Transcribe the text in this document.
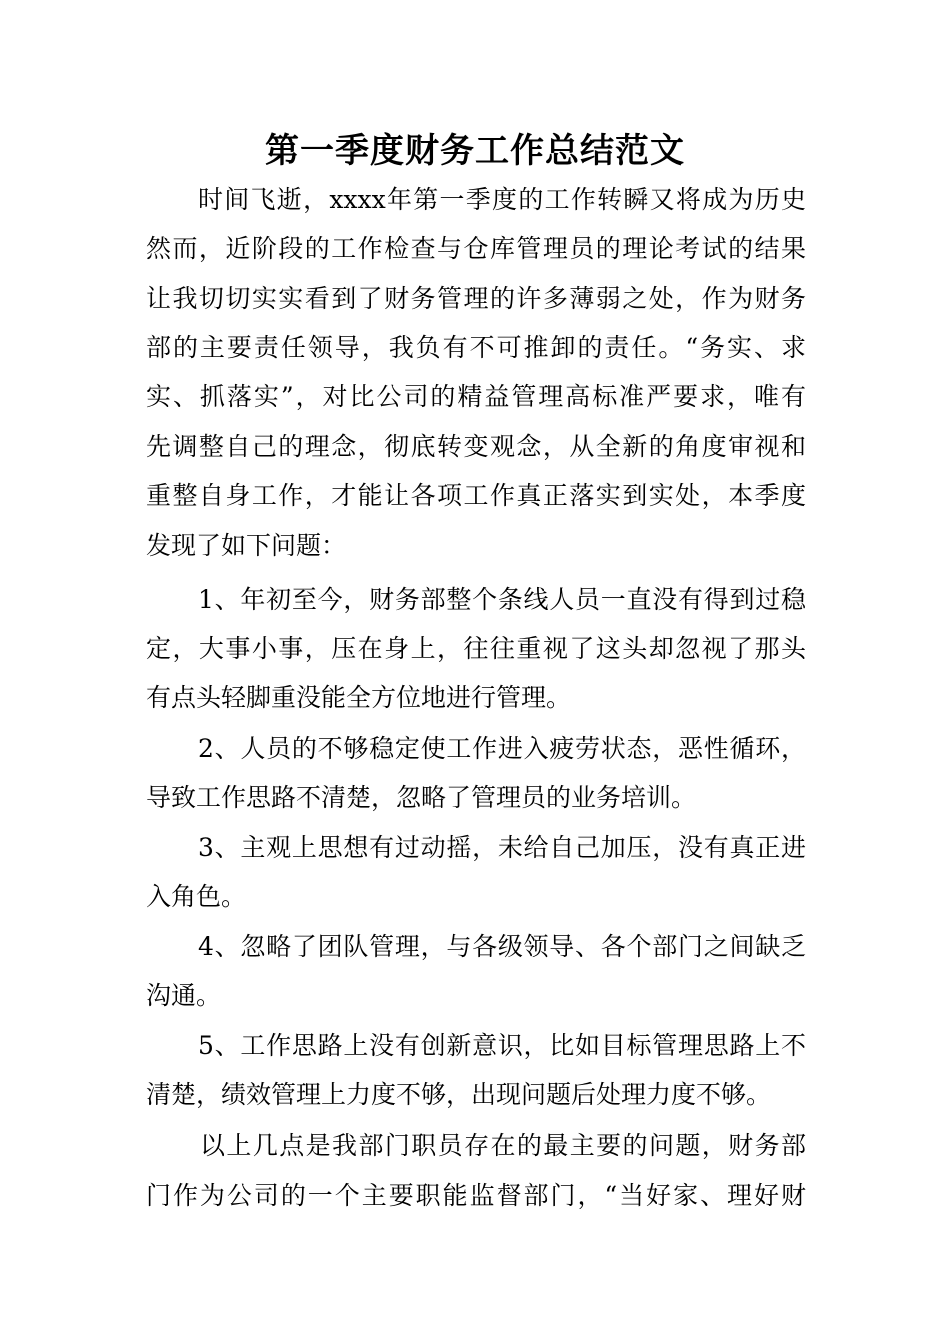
第一季度财务工作总结范文

时间飞逝，xxxx年第一季度的工作转瞬又将成为历史

然而，近阶段的工作检查与仓库管理员的理论考试的结果

让我切切实实看到了财务管理的许多薄弱之处，作为财务

部的主要责任领导，我负有不可推卸的责任。“务实、求

实、抓落实”，对比公司的精益管理高标准严要求，唯有

先调整自己的理念，彻底转变观念，从全新的角度审视和

重整自身工作，才能让各项工作真正落实到实处，本季度

发现了如下问题：

1、年初至今，财务部整个条线人员一直没有得到过稳

定，大事小事，压在身上，往往重视了这头却忽视了那头

有点头轻脚重没能全方位地进行管理。

2、人员的不够稳定使工作进入疲劳状态，恶性循环，

导致工作思路不清楚，忽略了管理员的业务培训。

3、主观上思想有过动摇，未给自己加压，没有真正进

入角色。

4、忽略了团队管理，与各级领导、各个部门之间缺乏

沟通。

5、工作思路上没有创新意识，比如目标管理思路上不

清楚，绩效管理上力度不够，出现问题后处理力度不够。

以上几点是我部门职员存在的最主要的问题，财务部

门作为公司的一个主要职能监督部门，“当好家、理好财
